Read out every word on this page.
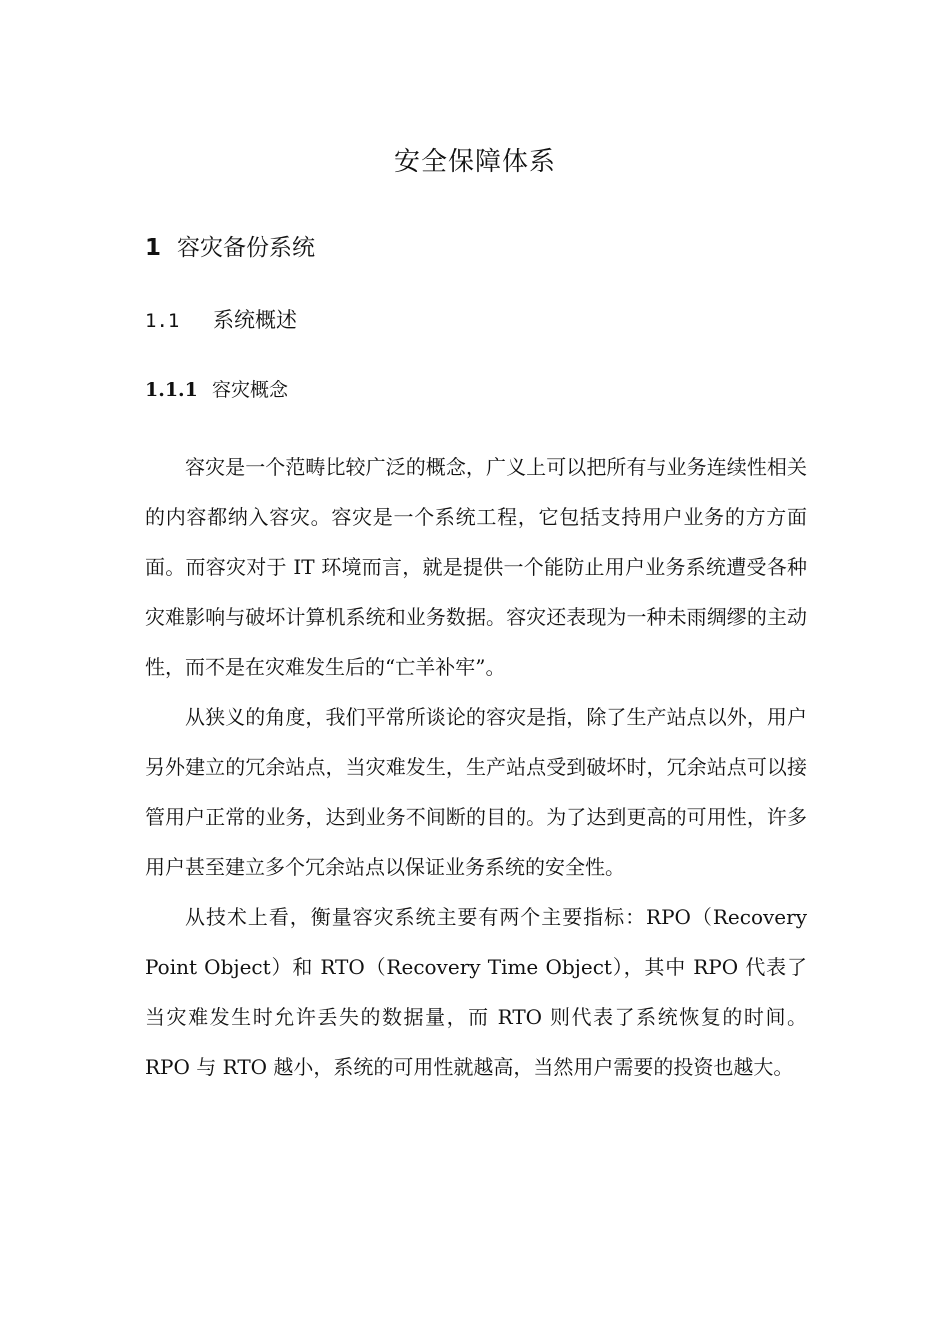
安全保障体系
1 容灾备份系统
1.1 系统概述
1.1.1 容灾概念

容灾是一个范畴比较广泛的概念，广义上可以把所有与业务连续性相关的内容都纳入容灾。容灾是一个系统工程，它包括支持用户业务的方方面面。而容灾对于 IT 环境而言，就是提供一个能防止用户业务系统遭受各种灾难影响与破坏计算机系统和业务数据。容灾还表现为一种未雨绸缪的主动性，而不是在灾难发生后的“亡羊补牢”。

从狭义的角度，我们平常所谈论的容灾是指，除了生产站点以外，用户另外建立的冗余站点，当灾难发生，生产站点受到破坏时，冗余站点可以接管用户正常的业务，达到业务不间断的目的。为了达到更高的可用性，许多用户甚至建立多个冗余站点以保证业务系统的安全性。

从技术上看，衡量容灾系统主要有两个主要指标：RPO（Recovery Point Object）和 RTO（Recovery Time Object），其中 RPO 代表了当灾难发生时允许丢失的数据量，而 RTO 则代表了系统恢复的时间。RPO 与 RTO 越小，系统的可用性就越高，当然用户需要的投资也越大。
